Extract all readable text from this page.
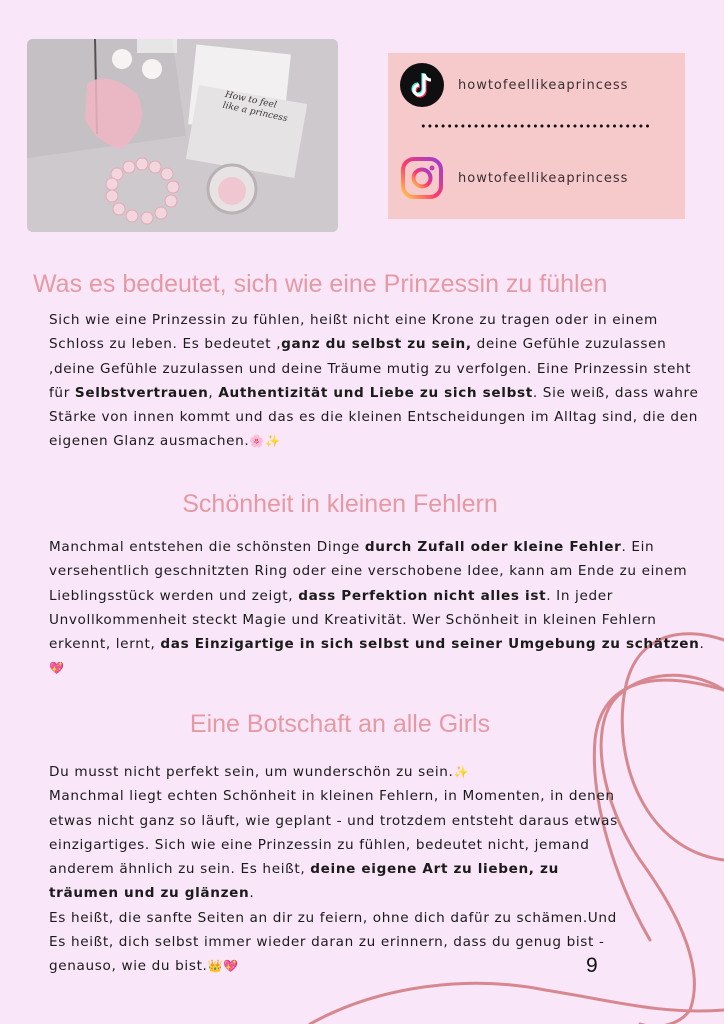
How to feel like a princess
howtofeellikeaprincess
howtofeellikeaprincess
Was es bedeutet, sich wie eine Prinzessin zu fühlen

Sich wie eine Prinzessin zu fühlen, heißt nicht eine Krone zu tragen oder in einem Schloss zu leben. Es bedeutet ,ganz du selbst zu sein, deine Gefühle zuzulassen ,deine Gefühle zuzulassen und deine Träume mutig zu verfolgen. Eine Prinzessin steht für Selbstvertrauen, Authentizität und Liebe zu sich selbst. Sie weiß, dass wahre Stärke von innen kommt und das es die kleinen Entscheidungen im Alltag sind, die den eigenen Glanz ausmachen.🌸✨

Schönheit in kleinen Fehlern

Manchmal entstehen die schönsten Dinge durch Zufall oder kleine Fehler. Ein versehentlich geschnitzten Ring oder eine verschobene Idee, kann am Ende zu einem Lieblingsstück werden und zeigt, dass Perfektion nicht alles ist. In jeder Unvollkommenheit steckt Magie und Kreativität. Wer Schönheit in kleinen Fehlern erkennt, lernt, das Einzigartige in sich selbst und seiner Umgebung zu schätzen.💖

Eine Botschaft an alle Girls

Du musst nicht perfekt sein, um wunderschön zu sein.✨
Manchmal liegt echten Schönheit in kleinen Fehlern, in Momenten, in denen etwas nicht ganz so läuft, wie geplant - und trotzdem entsteht daraus etwas einzigartiges. Sich wie eine Prinzessin zu fühlen, bedeutet nicht, jemand anderem ähnlich zu sein. Es heißt, deine eigene Art zu lieben, zu träumen und zu glänzen.
Es heißt, die sanfte Seiten an dir zu feiern, ohne dich dafür zu schämen.Und Es heißt, dich selbst immer wieder daran zu erinnern, dass du genug bist - genauso, wie du bist.👑💖	9
